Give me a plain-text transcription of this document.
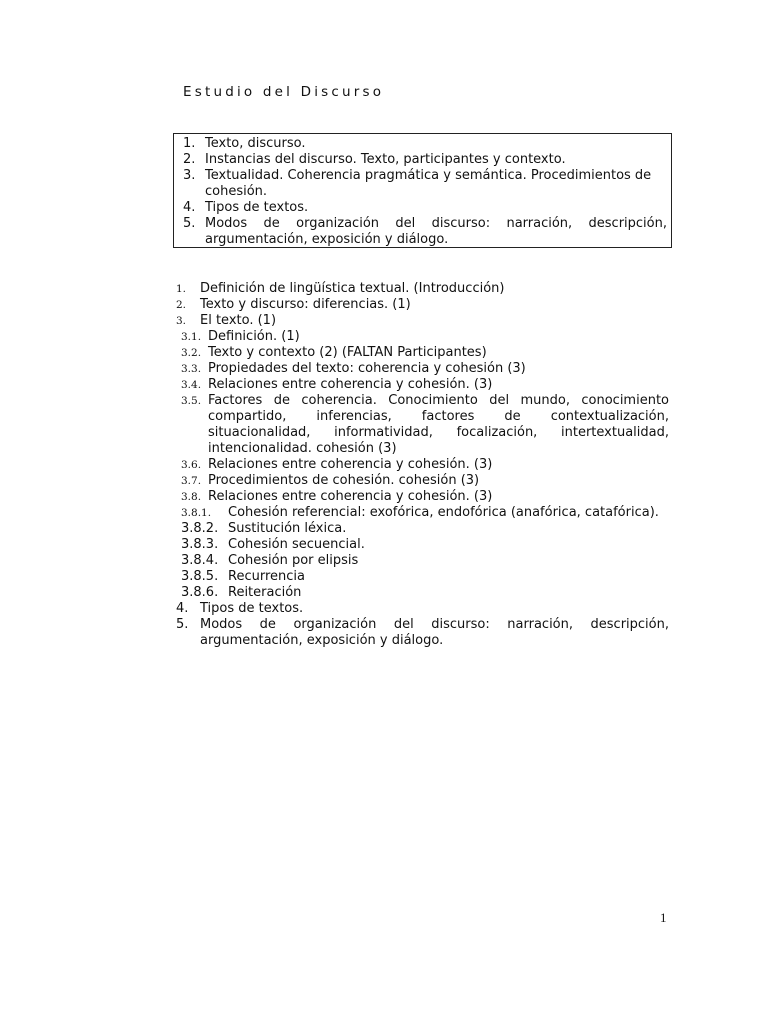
Estudio del Discurso
1. Texto, discurso.
2. Instancias del discurso. Texto, participantes y contexto.
3. Textualidad. Coherencia pragmática y semántica. Procedimientos de cohesión.
4. Tipos de textos.
5. Modos de organización del discurso: narración, descripción, argumentación, exposición y diálogo.
1.	Definición de lingüística textual. (Introducción)
2.	Texto y discurso: diferencias. (1)
3.	El texto. (1)
3.1. Definición. (1)
3.2. Texto y contexto (2) (FALTAN Participantes)
3.3. Propiedades del texto: coherencia y cohesión (3)
3.4. Relaciones entre coherencia y cohesión. (3)
3.5. Factores de coherencia. Conocimiento del mundo, conocimiento compartido, inferencias, factores de contextualización, situacionalidad, informatividad, focalización, intertextualidad, intencionalidad. cohesión (3)
3.6. Relaciones entre coherencia y cohesión. (3)
3.7. Procedimientos de cohesión. cohesión (3)
3.8. Relaciones entre coherencia y cohesión. (3)
3.8.1.	Cohesión referencial: exofórica, endofórica (anafórica, catafórica).
3.8.2. Sustitución léxica.
3.8.3. Cohesión secuencial.
3.8.4. Cohesión por elipsis
3.8.5. Recurrencia
3.8.6. Reiteración
4. Tipos de textos.
5. Modos de organización del discurso: narración, descripción, argumentación, exposición y diálogo.
1
